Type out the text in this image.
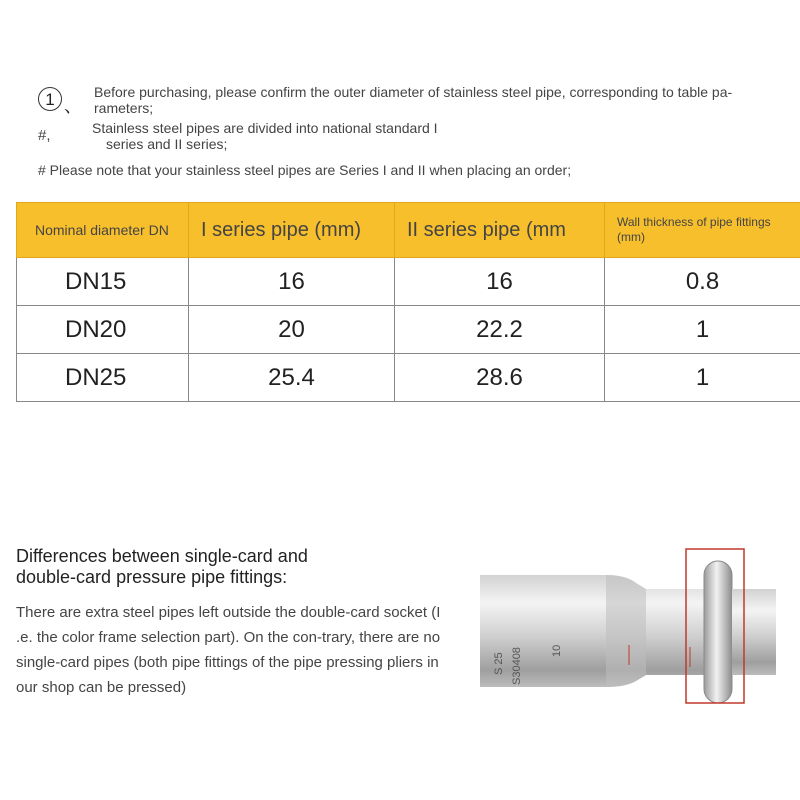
1 、
Before purchasing, please confirm the outer diameter of stainless steel pipe, corresponding to table pa-
rameters;
#,	Stainless steel pipes are divided into national standard I
series and II series;
# Please note that your stainless steel pipes are Series I and II when placing an order;
Nominal diameter DN	I series pipe (mm)	II series pipe (mm	Wall thickness of pipe fittings (mm)
DN15	16	16	0.8
DN20	20	22.2	1
DN25	25.4	28.6	1
Differences between single-card and
double-card pressure pipe fittings:
There are extra steel pipes left outside the double-card socket (I .e. the color frame selection part). On the con-trary, there are no single-card pipes (both pipe fittings of the pipe pressing pliers in our shop can be pressed)
S 25 S30408	10
